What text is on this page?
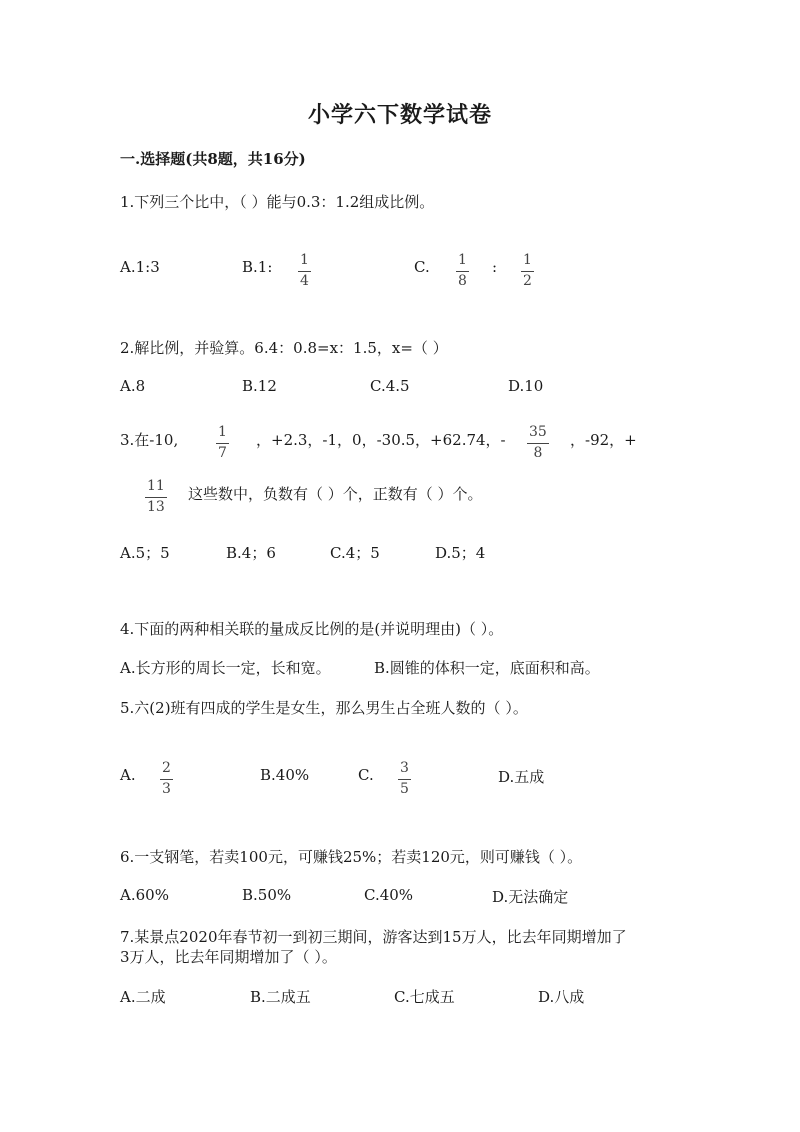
小学六下数学试卷
一.选择题(共8题，共16分)
1.下列三个比中，（ ）能与0.3：1.2组成比例。
A.1:3	B.1: 1
4
C. 1
8
: 1
2
2.解比例，并验算。6.4：0.8=x：1.5，x=（ ）
A.8	B.12	C.4.5	D.10
3.在-10,	1
7
，+2.3，-1，0，-30.5，+62.74，- 35
8
，-92，+
11
13
这些数中，负数有（ ）个，正数有（ ）个。
A.5；5	B.4；6	C.4；5	D.5；4
4.下面的两种相关联的量成反比例的是(并说明理由)（ ）。
A.长方形的周长一定，长和宽。	B.圆锥的体积一定，底面积和高。
5.六(2)班有四成的学生是女生，那么男生占全班人数的（ ）。
A. 2
3
B.40%	C. 3
5
D.五成
6.一支钢笔，若卖100元，可赚钱25%；若卖120元，则可赚钱（ ）。
A.60%	B.50%	C.40%	D.无法确定
7.某景点2020年春节初一到初三期间，游客达到15万人，比去年同期增加了
3万人，比去年同期增加了（ ）。
A.二成	B.二成五	C.七成五	D.八成
